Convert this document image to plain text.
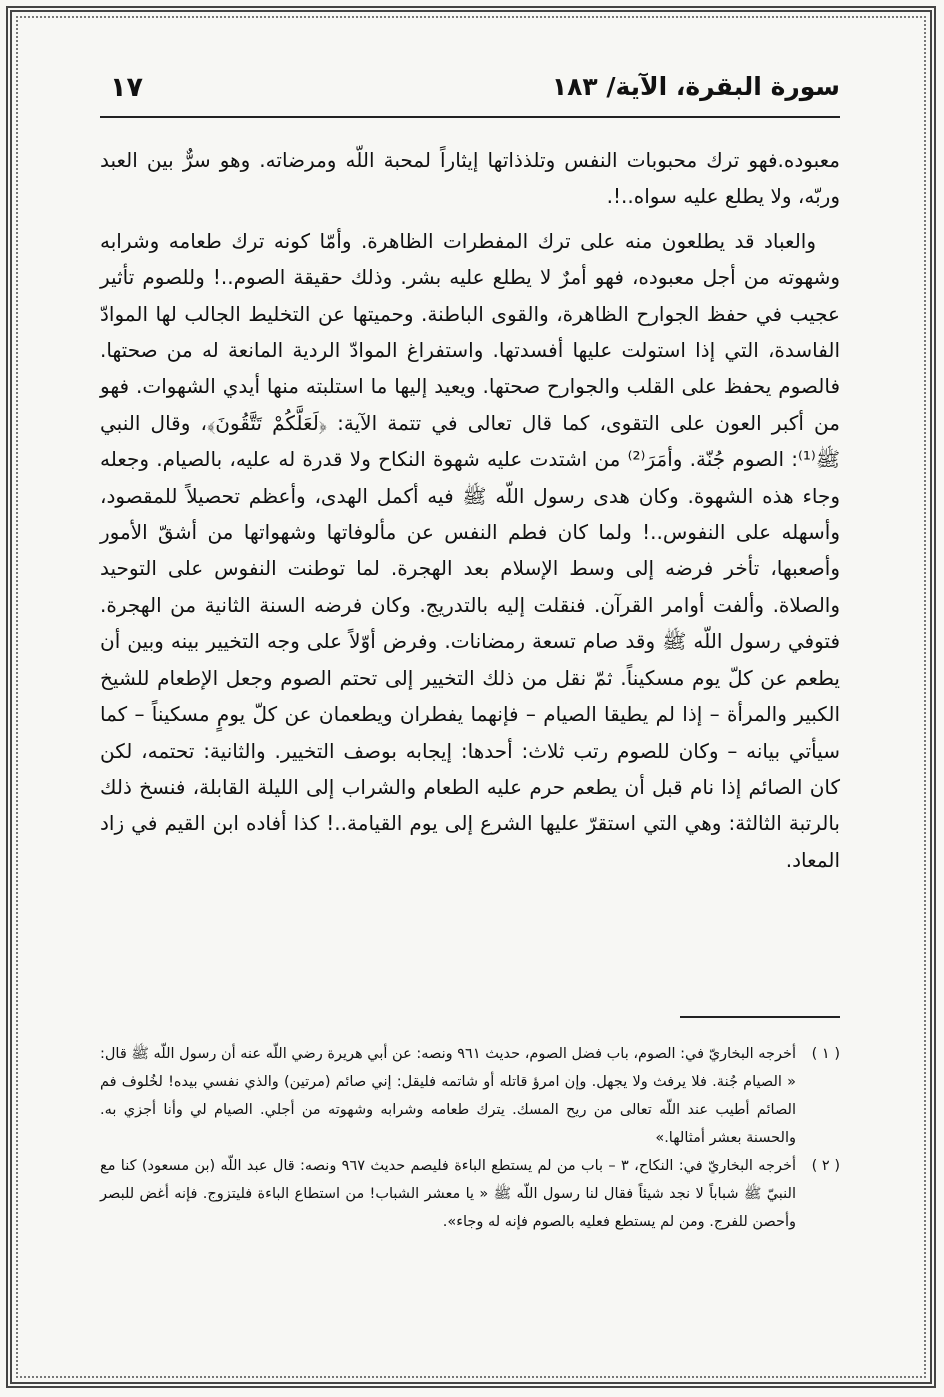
سورة البقرة، الآية/ ١٨٣
١٧

معبوده.فهو ترك محبوبات النفس وتلذذاتها إيثاراً لمحبة اللّه ومرضاته. وهو سرٌّ بين العبد وربّه، ولا يطلع عليه سواه..!.

والعباد قد يطلعون منه على ترك المفطرات الظاهرة. وأمّا كونه ترك طعامه وشرابه وشهوته من أجل معبوده، فهو أمرٌ لا يطلع عليه بشر. وذلك حقيقة الصوم..! وللصوم تأثير عجيب في حفظ الجوارح الظاهرة، والقوى الباطنة. وحميتها عن التخليط الجالب لها الموادّ الفاسدة، التي إذا استولت عليها أفسدتها. واستفراغ الموادّ الردية المانعة له من صحتها. فالصوم يحفظ على القلب والجوارح صحتها. ويعيد إليها ما استلبته منها أيدي الشهوات. فهو من أكبر العون على التقوى، كما قال تعالى في تتمة الآية: ﴿لَعَلَّكُمْ تَتَّقُونَ﴾، وقال النبي ﷺ⁽¹⁾: الصوم جُنّة. وأمَرَ⁽²⁾ من اشتدت عليه شهوة النكاح ولا قدرة له عليه، بالصيام. وجعله وجاء هذه الشهوة. وكان هدى رسول اللّه ﷺ فيه أكمل الهدى، وأعظم تحصيلاً للمقصود، وأسهله على النفوس..! ولما كان فطم النفس عن مألوفاتها وشهواتها من أشقّ الأمور وأصعبها، تأخر فرضه إلى وسط الإسلام بعد الهجرة. لما توطنت النفوس على التوحيد والصلاة. وألفت أوامر القرآن. فنقلت إليه بالتدريج. وكان فرضه السنة الثانية من الهجرة. فتوفي رسول اللّه ﷺ وقد صام تسعة رمضانات. وفرض أوّلاً على وجه التخيير بينه وبين أن يطعم عن كلّ يوم مسكيناً. ثمّ نقل من ذلك التخيير إلى تحتم الصوم وجعل الإطعام للشيخ الكبير والمرأة – إذا لم يطيقا الصيام – فإنهما يفطران ويطعمان عن كلّ يومٍ مسكيناً – كما سيأتي بيانه – وكان للصوم رتب ثلاث: أحدها: إيجابه بوصف التخيير. والثانية: تحتمه، لكن كان الصائم إذا نام قبل أن يطعم حرم عليه الطعام والشراب إلى الليلة القابلة، فنسخ ذلك بالرتبة الثالثة: وهي التي استقرّ عليها الشرع إلى يوم القيامة..! كذا أفاده ابن القيم في زاد المعاد.

( ١ )
أخرجه البخاريّ في: الصوم، باب فضل الصوم، حديث ٩٦١ ونصه: عن أبي هريرة رضي اللّه عنه أن رسول اللّه ﷺ قال: « الصيام جُنة. فلا يرفث ولا يجهل. وإن امرؤ قاتله أو شاتمه فليقل: إني صائم (مرتين) والذي نفسي بيده! لخُلوف فم الصائم أطيب عند اللّه تعالى من ريح المسك. يترك طعامه وشرابه وشهوته من أجلي. الصيام لي وأنا أجزي به. والحسنة بعشر أمثالها.»
( ٢ )
أخرجه البخاريّ في: النكاح، ٣ – باب من لم يستطع الباءة فليصم حديث ٩٦٧ ونصه: قال عبد اللّه (بن مسعود) كنا مع النبيّ ﷺ شباباً لا نجد شيئاً فقال لنا رسول اللّه ﷺ « يا معشر الشباب! من استطاع الباءة فليتزوج. فإنه أغض للبصر وأحصن للفرج. ومن لم يستطع فعليه بالصوم فإنه له وجاء».
